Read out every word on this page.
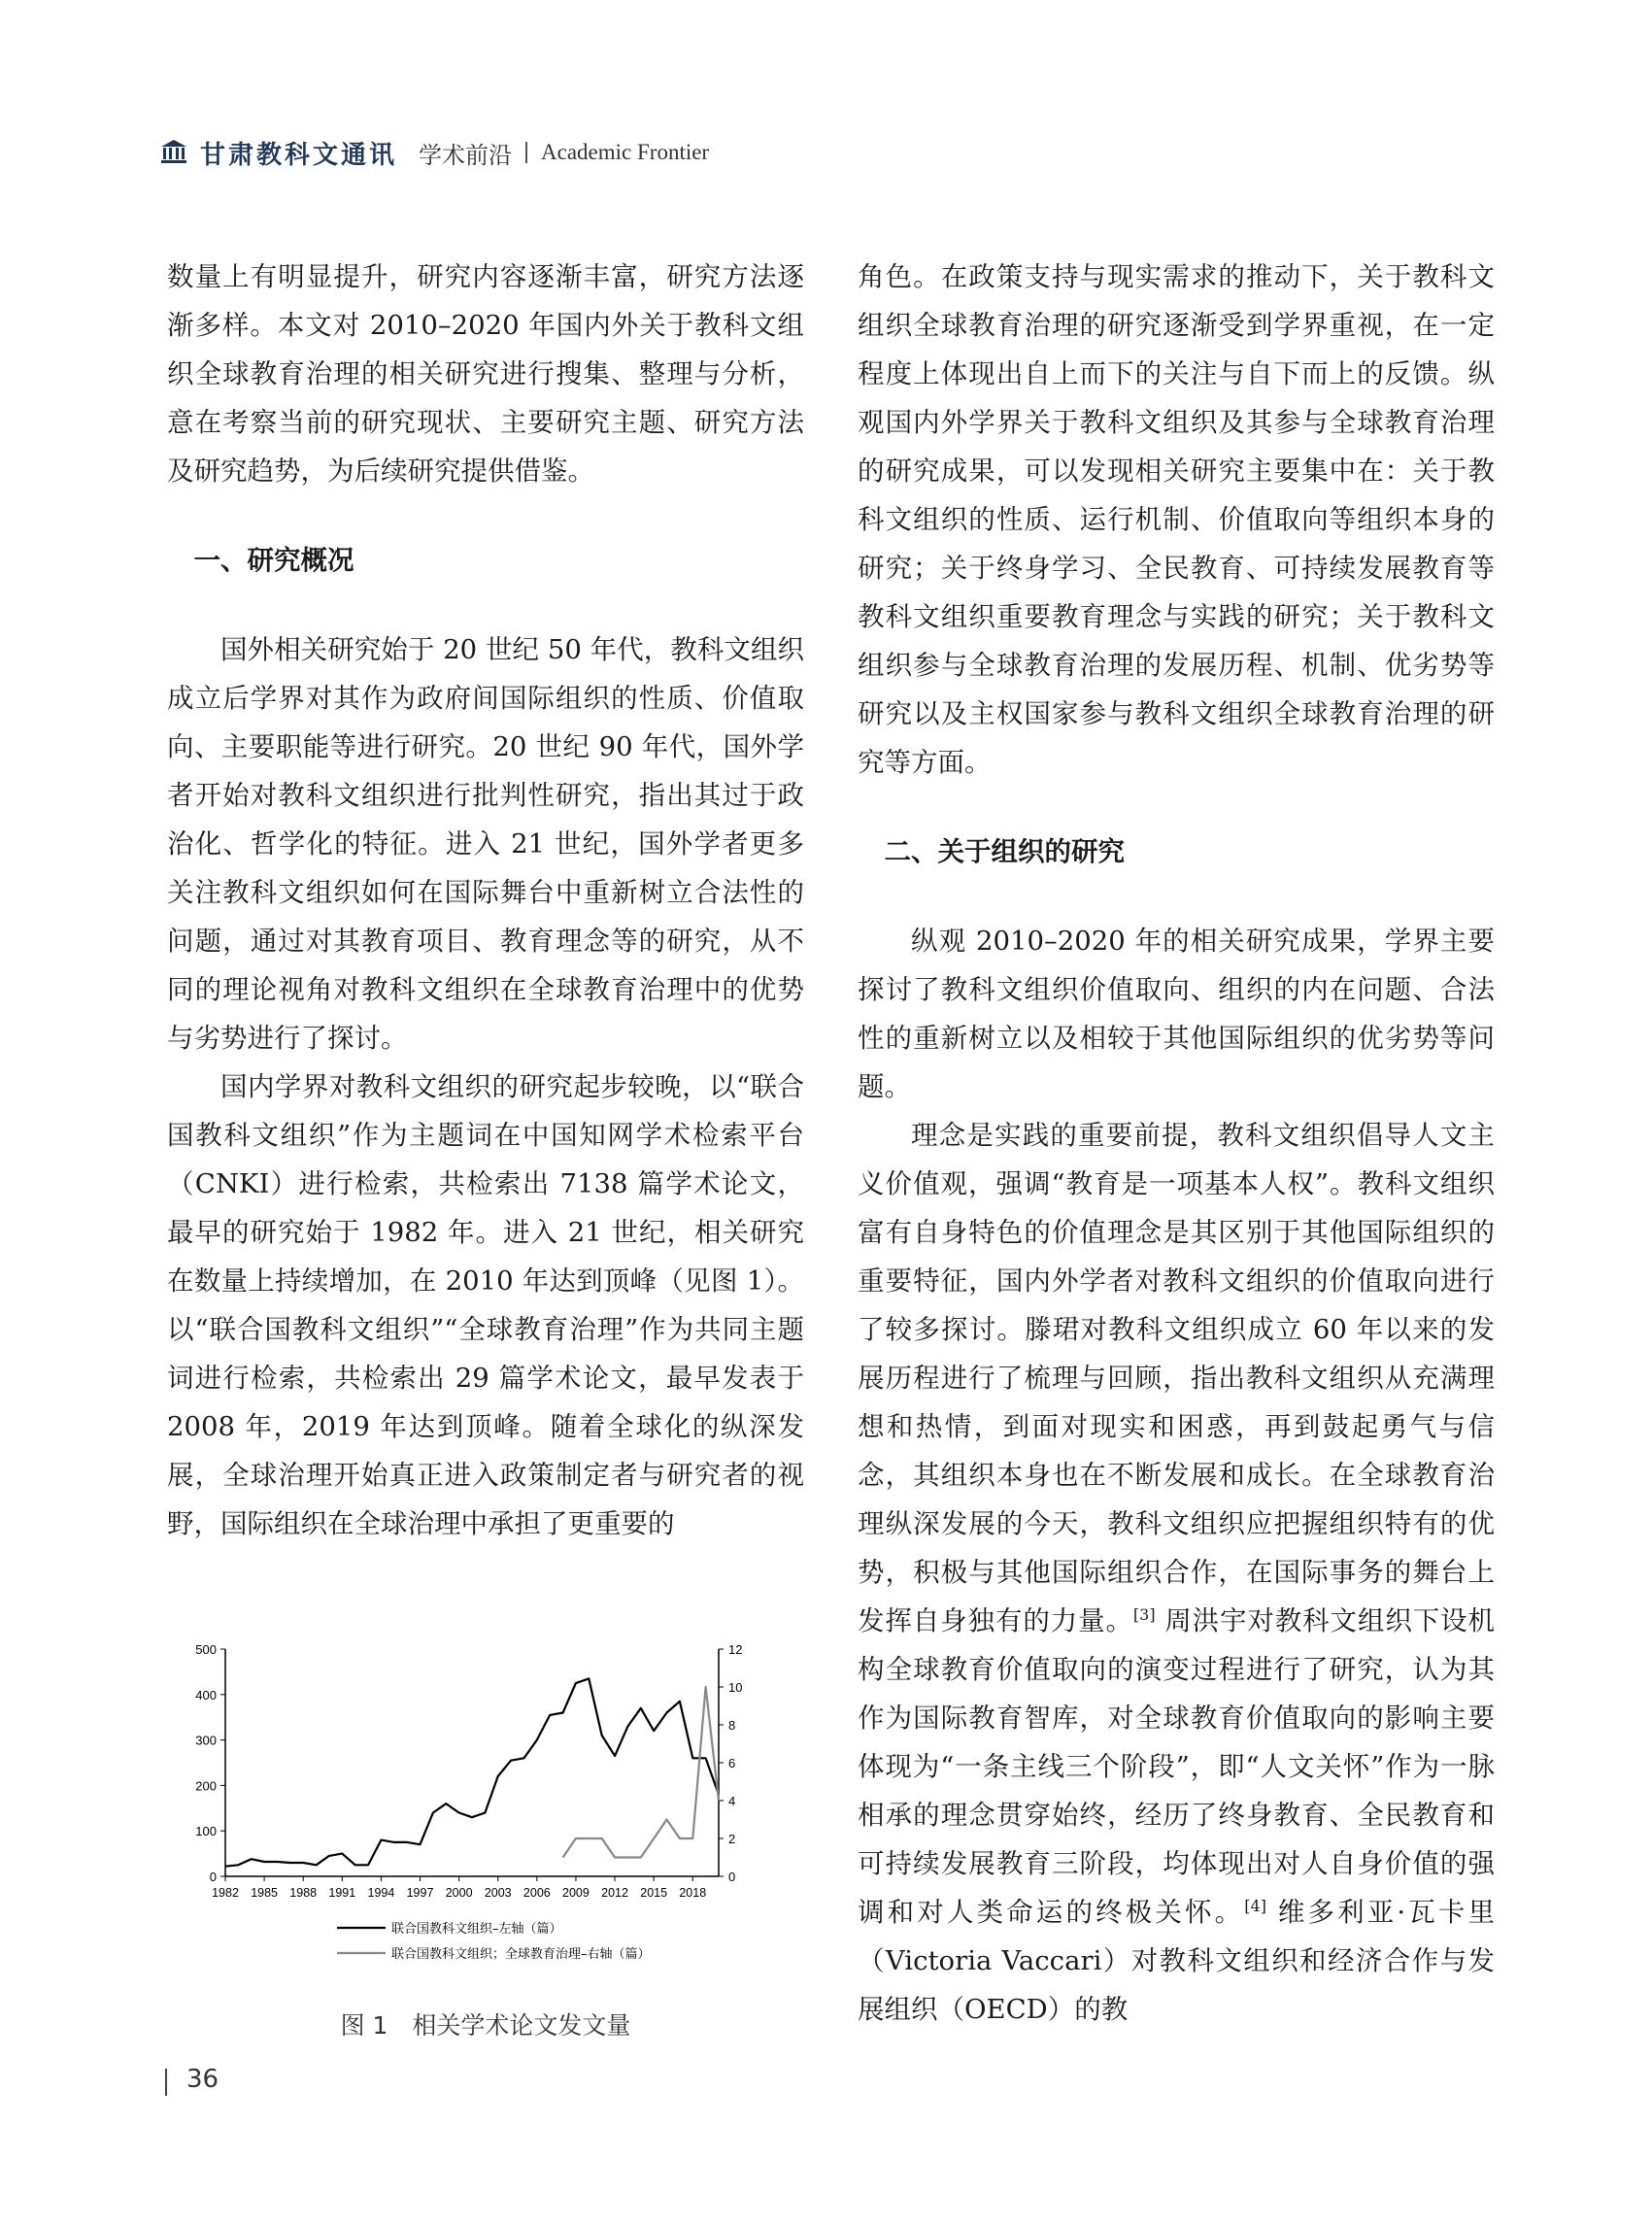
甘肃教科文通讯 学术前沿 Academic Frontier

数量上有明显提升，研究内容逐渐丰富，研究方法逐渐多样。本文对 2010–2020 年国内外关于教科文组织全球教育治理的相关研究进行搜集、整理与分析，意在考察当前的研究现状、主要研究主题、研究方法及研究趋势，为后续研究提供借鉴。

一、研究概况

国外相关研究始于 20 世纪 50 年代，教科文组织成立后学界对其作为政府间国际组织的性质、价值取向、主要职能等进行研究。20 世纪 90 年代，国外学者开始对教科文组织进行批判性研究，指出其过于政治化、哲学化的特征。进入 21 世纪，国外学者更多关注教科文组织如何在国际舞台中重新树立合法性的问题，通过对其教育项目、教育理念等的研究，从不同的理论视角对教科文组织在全球教育治理中的优势与劣势进行了探讨。

国内学界对教科文组织的研究起步较晚，以“联合国教科文组织”作为主题词在中国知网学术检索平台（CNKI）进行检索，共检索出 7138 篇学术论文，最早的研究始于 1982 年。进入 21 世纪，相关研究在数量上持续增加，在 2010 年达到顶峰（见图 1）。以“联合国教科文组织”“全球教育治理”作为共同主题词进行检索，共检索出 29 篇学术论文，最早发表于 2008 年，2019 年达到顶峰。随着全球化的纵深发展，全球治理开始真正进入政策制定者与研究者的视野，国际组织在全球治理中承担了更重要的

角色。在政策支持与现实需求的推动下，关于教科文组织全球教育治理的研究逐渐受到学界重视，在一定程度上体现出自上而下的关注与自下而上的反馈。纵观国内外学界关于教科文组织及其参与全球教育治理的研究成果，可以发现相关研究主要集中在：关于教科文组织的性质、运行机制、价值取向等组织本身的研究；关于终身学习、全民教育、可持续发展教育等教科文组织重要教育理念与实践的研究；关于教科文组织参与全球教育治理的发展历程、机制、优劣势等研究以及主权国家参与教科文组织全球教育治理的研究等方面。

二、关于组织的研究

纵观 2010–2020 年的相关研究成果，学界主要探讨了教科文组织价值取向、组织的内在问题、合法性的重新树立以及相较于其他国际组织的优劣势等问题。

理念是实践的重要前提，教科文组织倡导人文主义价值观，强调“教育是一项基本人权”。教科文组织富有自身特色的价值理念是其区别于其他国际组织的重要特征，国内外学者对教科文组织的价值取向进行了较多探讨。滕珺对教科文组织成立 60 年以来的发展历程进行了梳理与回顾，指出教科文组织从充满理想和热情，到面对现实和困惑，再到鼓起勇气与信念，其组织本身也在不断发展和成长。在全球教育治理纵深发展的今天，教科文组织应把握组织特有的优势，积极与其他国际组织合作，在国际事务的舞台上发挥自身独有的力量。[3] 周洪宇对教科文组织下设机构全球教育价值取向的演变过程进行了研究，认为其作为国际教育智库，对全球教育价值取向的影响主要体现为“一条主线三个阶段”，即“人文关怀”作为一脉相承的理念贯穿始终，经历了终身教育、全民教育和可持续发展教育三阶段，均体现出对人自身价值的强调和对人类命运的终极关怀。[4] 维多利亚·瓦卡里（Victoria Vaccari）对教科文组织和经济合作与发展组织（OECD）的教

0
100
200
300
400
500
0
2
4
6
8
10
12
1982 1985 1988 1991 1994 1997 2000 2003 2006 2009 2012 2015 2018
联合国教科文组织–左轴（篇）
联合国教科文组织；全球教育治理–右轴（篇）
图 1　相关学术论文发文量
36
